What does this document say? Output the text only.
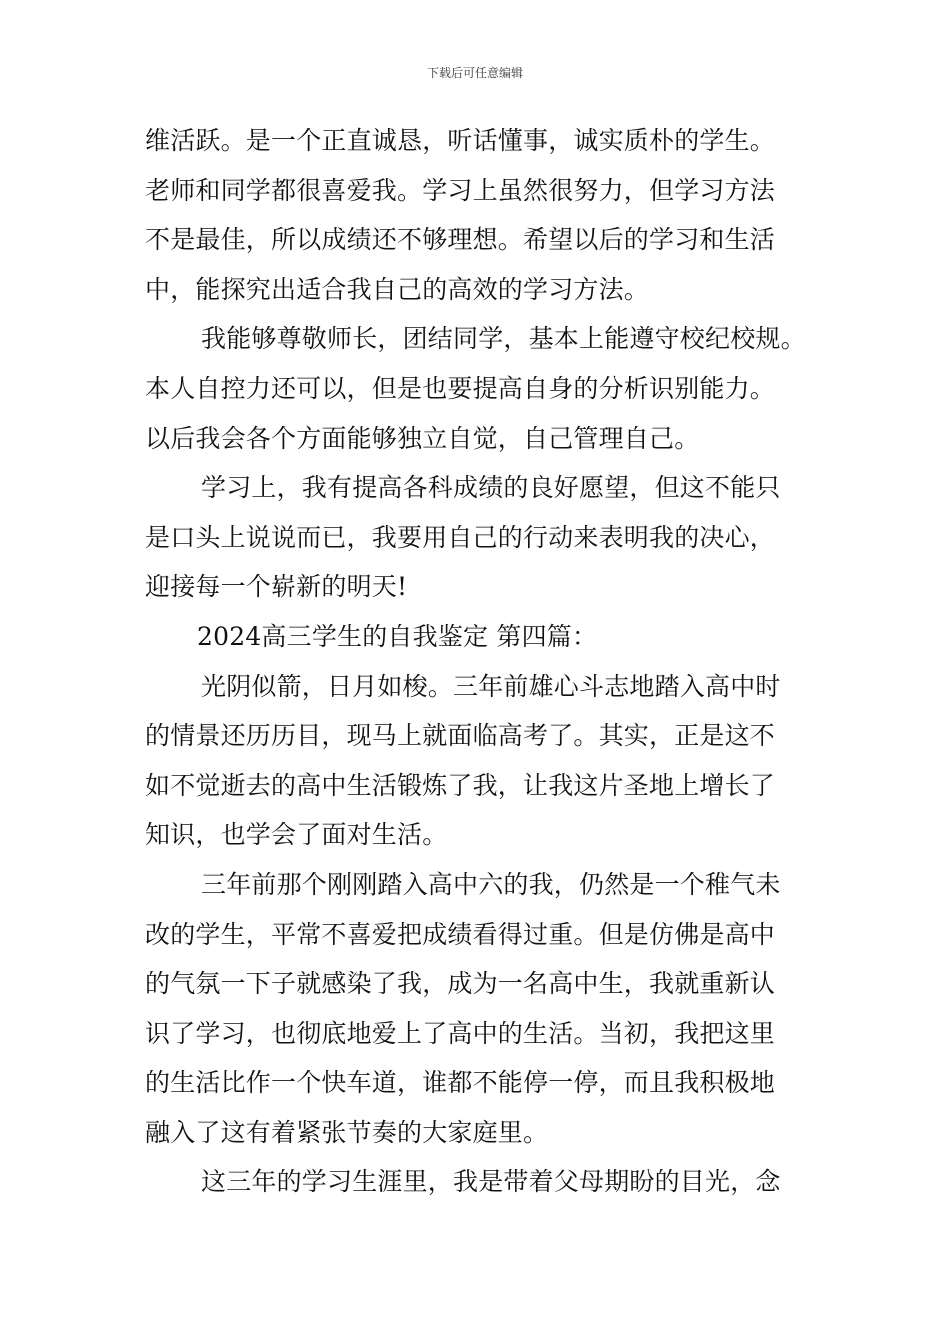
下载后可任意编辑
维活跃。是一个正直诚恳，听话懂事，诚实质朴的学生。
老师和同学都很喜爱我。学习上虽然很努力，但学习方法
不是最佳，所以成绩还不够理想。希望以后的学习和生活
中，能探究出适合我自己的高效的学习方法。
我能够尊敬师长，团结同学，基本上能遵守校纪校规。
本人自控力还可以，但是也要提高自身的分析识别能力。
以后我会各个方面能够独立自觉，自己管理自己。
学习上，我有提高各科成绩的良好愿望，但这不能只
是口头上说说而已，我要用自己的行动来表明我的决心，
迎接每一个崭新的明天!
2024高三学生的自我鉴定 第四篇：
光阴似箭，日月如梭。三年前雄心斗志地踏入高中时
的情景还历历目，现马上就面临高考了。其实，正是这不
如不觉逝去的高中生活锻炼了我，让我这片圣地上增长了
知识，也学会了面对生活。
三年前那个刚刚踏入高中六的我，仍然是一个稚气未
改的学生，平常不喜爱把成绩看得过重。但是仿佛是高中
的气氛一下子就感染了我，成为一名高中生，我就重新认
识了学习，也彻底地爱上了高中的生活。当初，我把这里
的生活比作一个快车道，谁都不能停一停，而且我积极地
融入了这有着紧张节奏的大家庭里。
这三年的学习生涯里，我是带着父母期盼的目光，念
